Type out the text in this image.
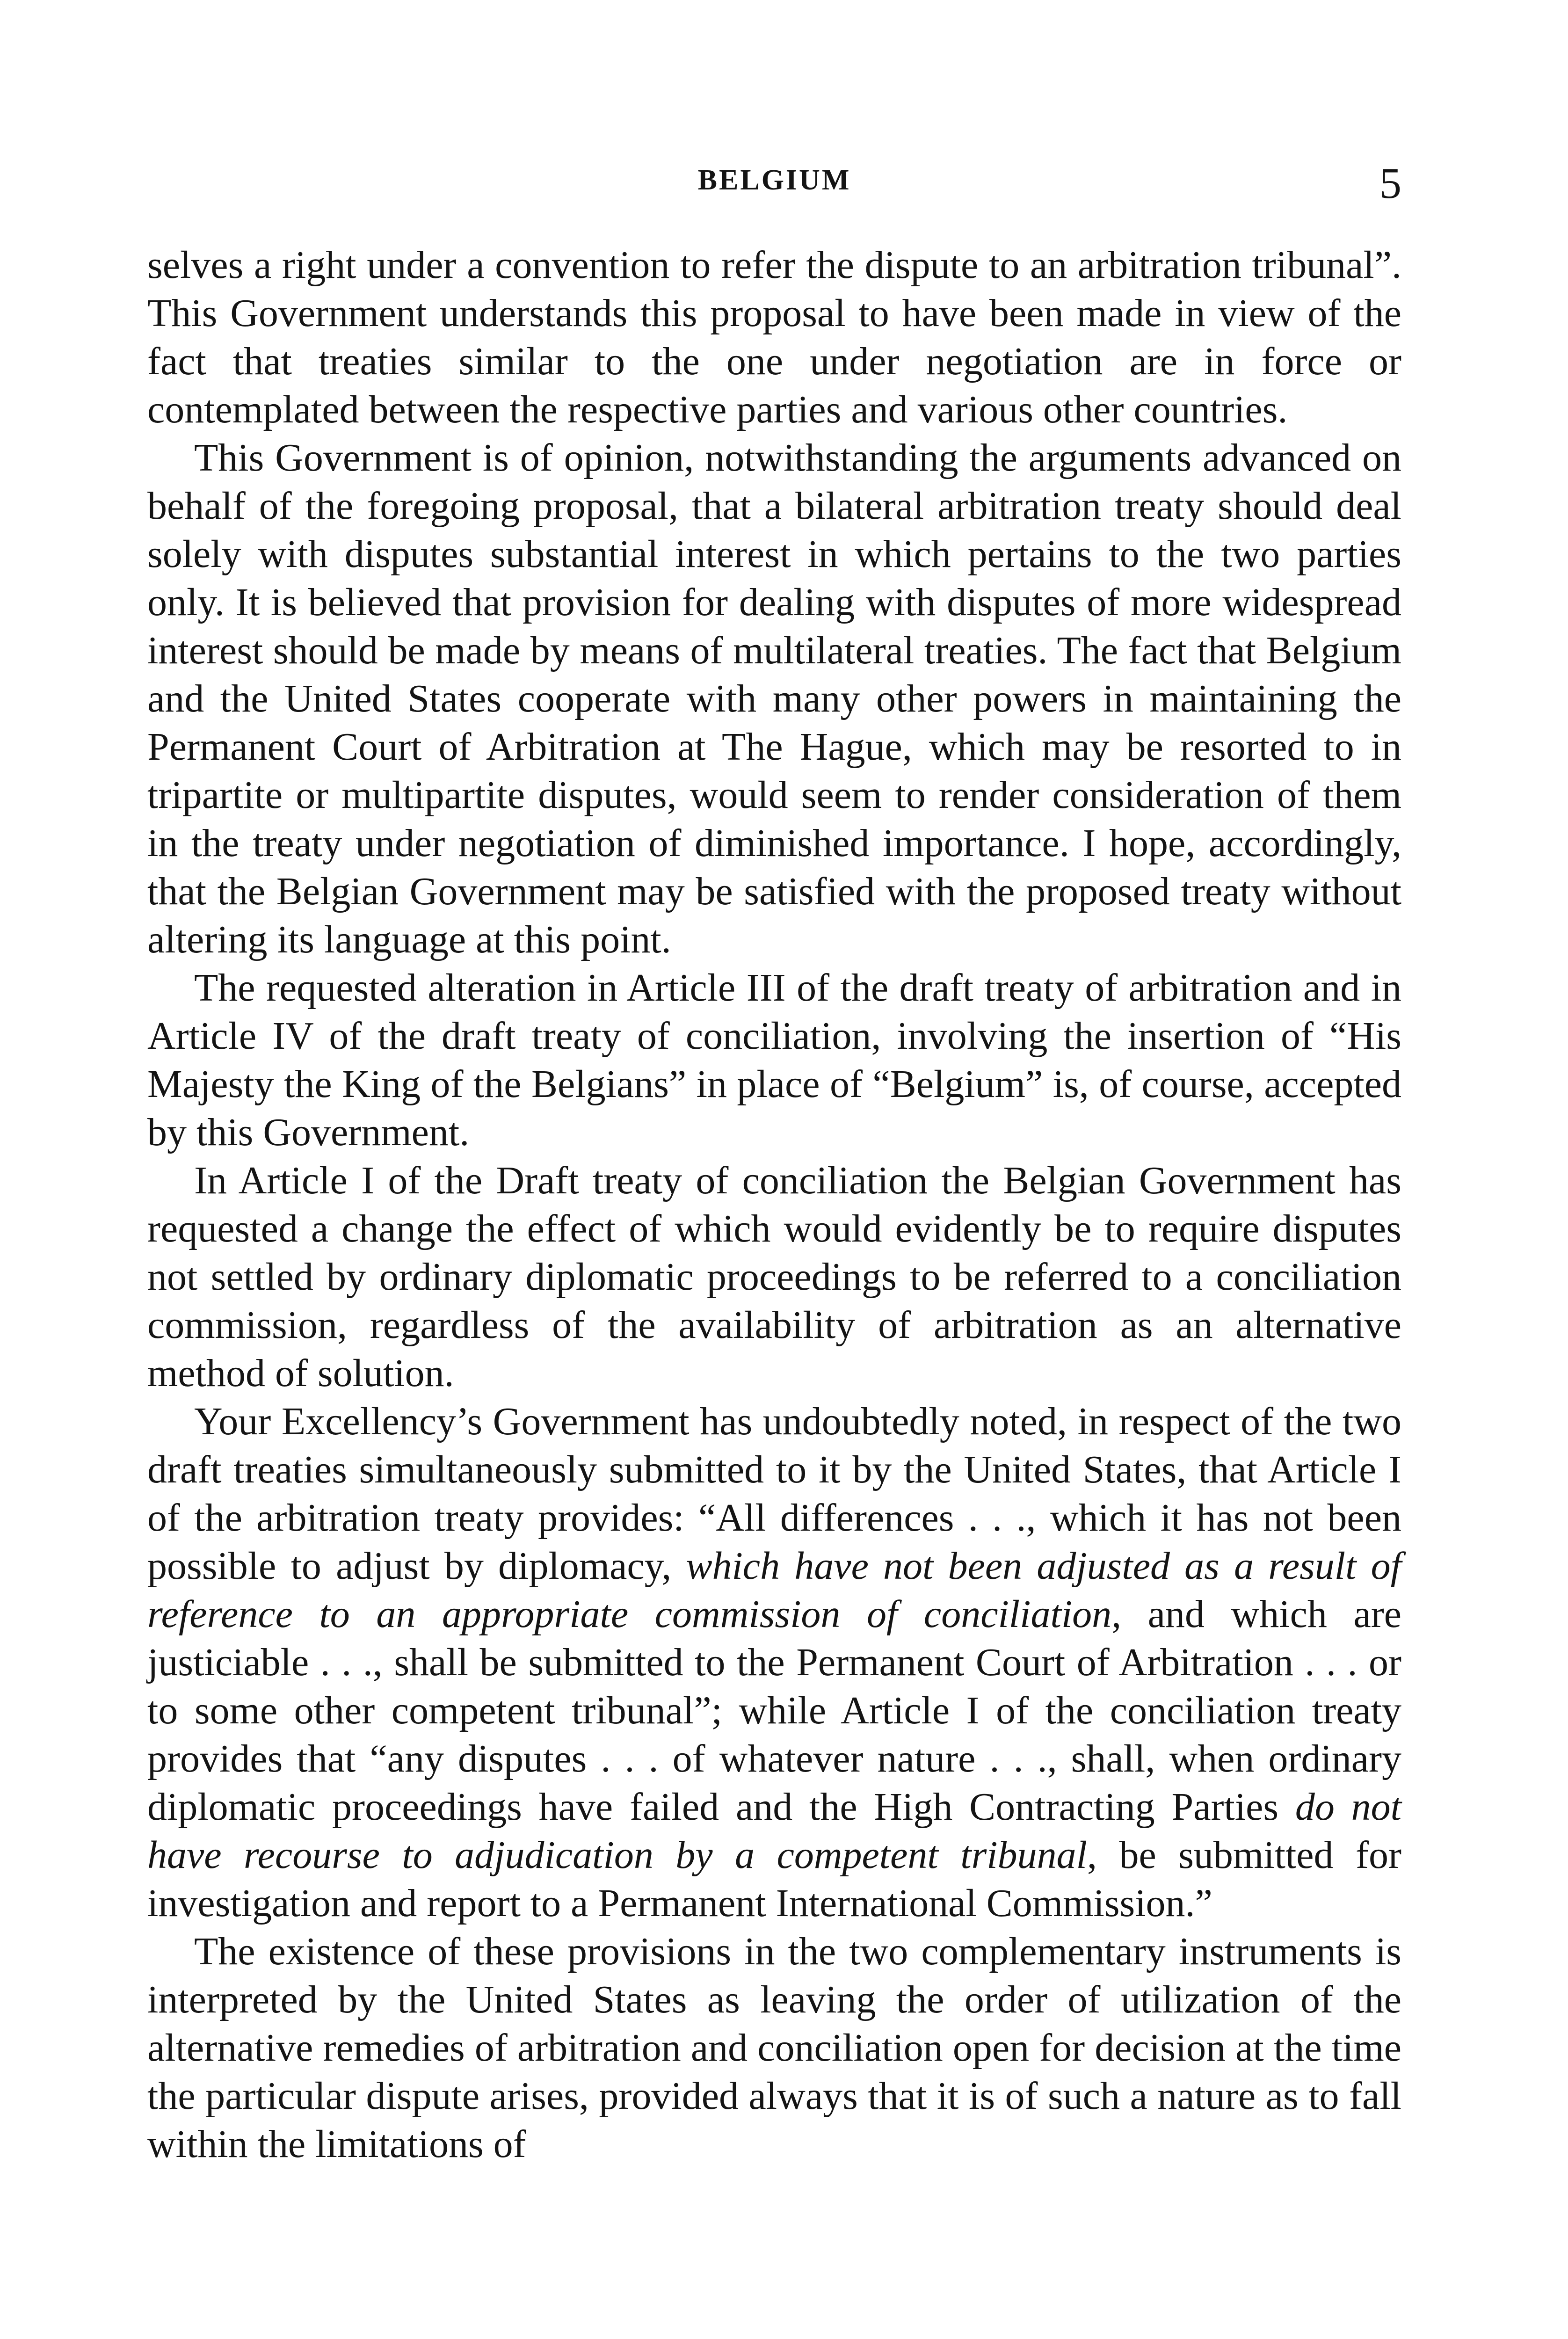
BELGIUM	5

selves a right under a convention to refer the dispute to an arbitration tribunal”. This Government understands this proposal to have been made in view of the fact that treaties similar to the one under negotiation are in force or contemplated between the respective parties and various other countries.

This Government is of opinion, notwithstanding the arguments advanced on behalf of the foregoing proposal, that a bilateral arbitration treaty should deal solely with disputes substantial interest in which pertains to the two parties only. It is believed that provision for dealing with disputes of more widespread interest should be made by means of multilateral treaties. The fact that Belgium and the United States cooperate with many other powers in maintaining the Permanent Court of Arbitration at The Hague, which may be resorted to in tripartite or multipartite disputes, would seem to render consideration of them in the treaty under negotiation of diminished importance. I hope, accordingly, that the Belgian Government may be satisfied with the proposed treaty without altering its language at this point.

The requested alteration in Article III of the draft treaty of arbitration and in Article IV of the draft treaty of conciliation, involving the insertion of “His Majesty the King of the Belgians” in place of “Belgium” is, of course, accepted by this Government.

In Article I of the Draft treaty of conciliation the Belgian Government has requested a change the effect of which would evidently be to require disputes not settled by ordinary diplomatic proceedings to be referred to a conciliation commission, regardless of the availability of arbitration as an alternative method of solution.

Your Excellency’s Government has undoubtedly noted, in respect of the two draft treaties simultaneously submitted to it by the United States, that Article I of the arbitration treaty provides: “All differences . . ., which it has not been possible to adjust by diplomacy, which have not been adjusted as a result of reference to an appropriate commission of conciliation, and which are justiciable . . ., shall be submitted to the Permanent Court of Arbitration . . . or to some other competent tribunal”; while Article I of the conciliation treaty provides that “any disputes . . . of whatever nature . . ., shall, when ordinary diplomatic proceedings have failed and the High Contracting Parties do not have recourse to adjudication by a competent tribunal, be submitted for investigation and report to a Permanent International Commission.”

The existence of these provisions in the two complementary instruments is interpreted by the United States as leaving the order of utilization of the alternative remedies of arbitration and conciliation open for decision at the time the particular dispute arises, provided always that it is of such a nature as to fall within the limitations of
